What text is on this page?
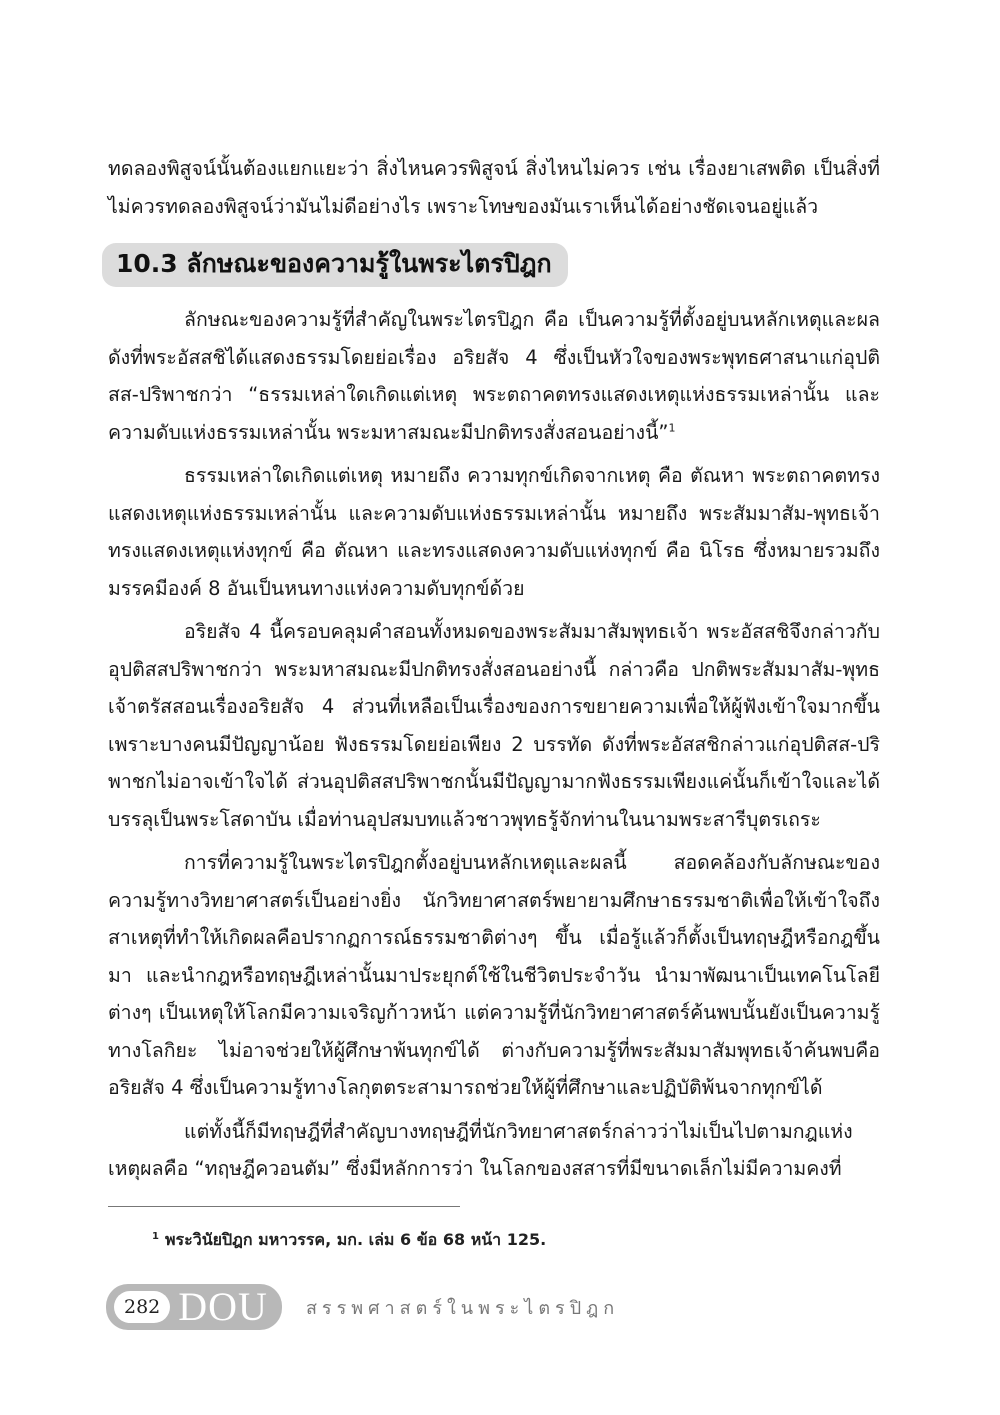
ทดลองพิสูจน์นั้นต้องแยกแยะว่า สิ่งไหนควรพิสูจน์ สิ่งไหนไม่ควร เช่น เรื่องยาเสพติด เป็นสิ่งที่ไม่ควรทดลองพิสูจน์ว่ามันไม่ดีอย่างไร เพราะโทษของมันเราเห็นได้อย่างชัดเจนอยู่แล้ว

10.3 ลักษณะของความรู้ในพระไตรปิฎก

ลักษณะของความรู้ที่สำคัญในพระไตรปิฎก คือ เป็นความรู้ที่ตั้งอยู่บนหลักเหตุและผล ดังที่พระอัสสชิได้แสดงธรรมโดยย่อเรื่อง อริยสัจ 4 ซึ่งเป็นหัวใจของพระพุทธศาสนาแก่อุปติสส-ปริพาชกว่า “ธรรมเหล่าใดเกิดแต่เหตุ พระตถาคตทรงแสดงเหตุแห่งธรรมเหล่านั้น และความดับแห่งธรรมเหล่านั้น พระมหาสมณะมีปกติทรงสั่งสอนอย่างนี้”$^1$

ธรรมเหล่าใดเกิดแต่เหตุ หมายถึง ความทุกข์เกิดจากเหตุ คือ ตัณหา พระตถาคตทรงแสดงเหตุแห่งธรรมเหล่านั้น และความดับแห่งธรรมเหล่านั้น หมายถึง พระสัมมาสัม-พุทธเจ้าทรงแสดงเหตุแห่งทุกข์ คือ ตัณหา และทรงแสดงความดับแห่งทุกข์ คือ นิโรธ ซึ่งหมายรวมถึง มรรคมีองค์ 8 อันเป็นหนทางแห่งความดับทุกข์ด้วย

อริยสัจ 4 นี้ครอบคลุมคำสอนทั้งหมดของพระสัมมาสัมพุทธเจ้า พระอัสสชิจึงกล่าวกับอุปติสสปริพาชกว่า พระมหาสมณะมีปกติทรงสั่งสอนอย่างนี้ กล่าวคือ ปกติพระสัมมาสัม-พุทธเจ้าตรัสสอนเรื่องอริยสัจ 4 ส่วนที่เหลือเป็นเรื่องของการขยายความเพื่อให้ผู้ฟังเข้าใจมากขึ้น เพราะบางคนมีปัญญาน้อย ฟังธรรมโดยย่อเพียง 2 บรรทัด ดังที่พระอัสสชิกล่าวแก่อุปติสส-ปริพาชกไม่อาจเข้าใจได้ ส่วนอุปติสสปริพาชกนั้นมีปัญญามากฟังธรรมเพียงแค่นั้นก็เข้าใจและได้บรรลุเป็นพระโสดาบัน เมื่อท่านอุปสมบทแล้วชาวพุทธรู้จักท่านในนามพระสารีบุตรเถระ

การที่ความรู้ในพระไตรปิฎกตั้งอยู่บนหลักเหตุและผลนี้ สอดคล้องกับลักษณะของความรู้ทางวิทยาศาสตร์เป็นอย่างยิ่ง นักวิทยาศาสตร์พยายามศึกษาธรรมชาติเพื่อให้เข้าใจถึงสาเหตุที่ทำให้เกิดผลคือปรากฏการณ์ธรรมชาติต่างๆ ขึ้น เมื่อรู้แล้วก็ตั้งเป็นทฤษฎีหรือกฎขึ้นมา และนำกฎหรือทฤษฎีเหล่านั้นมาประยุกต์ใช้ในชีวิตประจำวัน นำมาพัฒนาเป็นเทคโนโลยีต่างๆ เป็นเหตุให้โลกมีความเจริญก้าวหน้า แต่ความรู้ที่นักวิทยาศาสตร์ค้นพบนั้นยังเป็นความรู้ทางโลกิยะ ไม่อาจช่วยให้ผู้ศึกษาพ้นทุกข์ได้ ต่างกับความรู้ที่พระสัมมาสัมพุทธเจ้าค้นพบคือ อริยสัจ 4 ซึ่งเป็นความรู้ทางโลกุตตระสามารถช่วยให้ผู้ที่ศึกษาและปฏิบัติพ้นจากทุกข์ได้

แต่ทั้งนี้ก็มีทฤษฎีที่สำคัญบางทฤษฎีที่นักวิทยาศาสตร์กล่าวว่าไม่เป็นไปตามกฎแห่งเหตุผลคือ “ทฤษฎีควอนตัม” ซึ่งมีหลักการว่า ในโลกของสสารที่มีขนาดเล็กไม่มีความคงที่

$^1$ พระวินัยปิฎก มหาวรรค, มก. เล่ม 6 ข้อ 68 หน้า 125.
282 DOU สรรพศาสตร์ในพระไตรปิฎก
